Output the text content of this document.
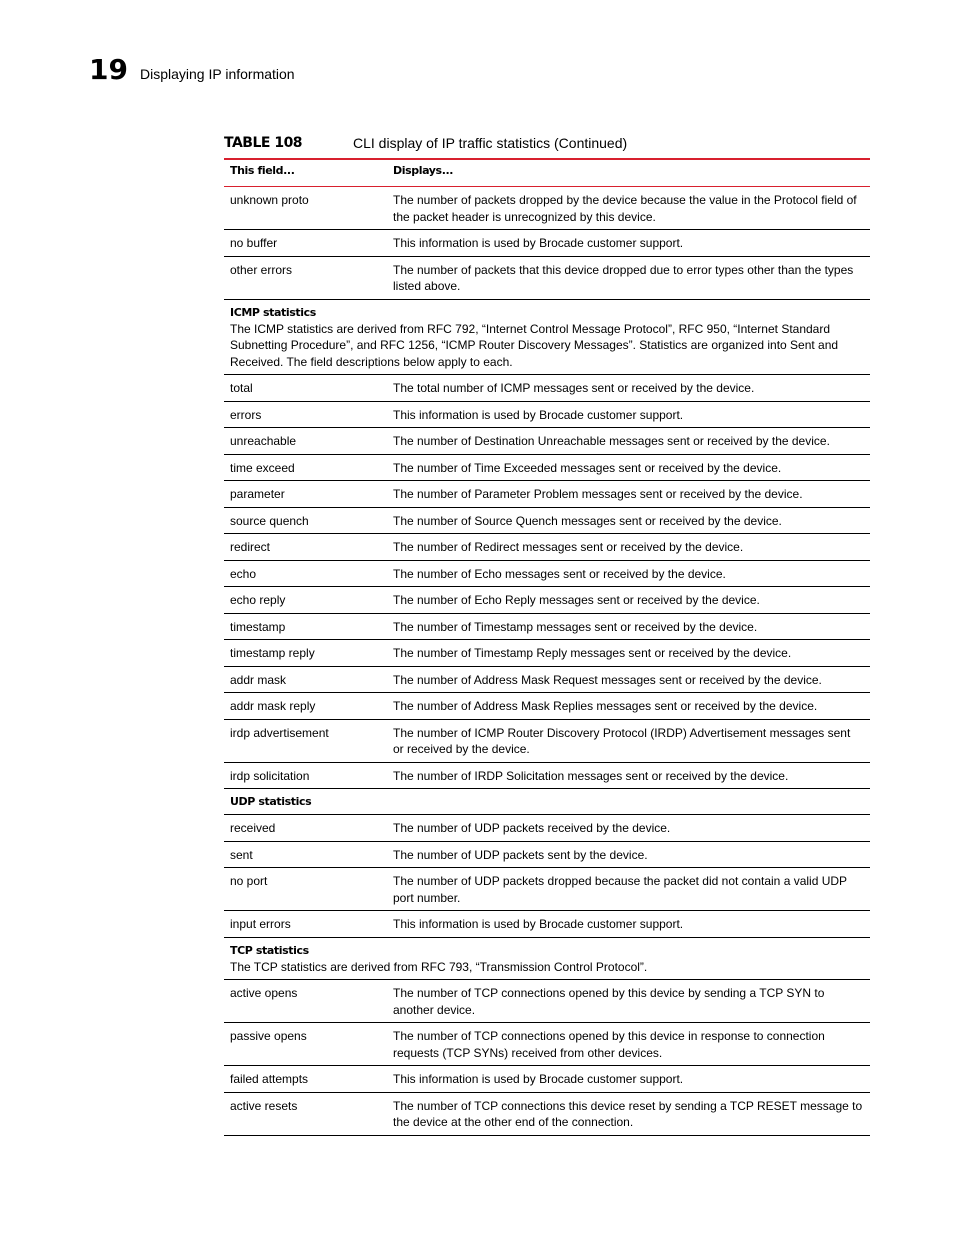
19 Displaying IP information
TABLE 108	CLI display of IP traffic statistics (Continued)
This field...	Displays...
unknown proto	The number of packets dropped by the device because the value in the Protocol field of the packet header is unrecognized by this device.
no buffer	This information is used by Brocade customer support.
other errors	The number of packets that this device dropped due to error types other than the types listed above.

ICMP statistics
The ICMP statistics are derived from RFC 792, “Internet Control Message Protocol”, RFC 950, “Internet Standard Subnetting Procedure”, and RFC 1256, “ICMP Router Discovery Messages”. Statistics are organized into Sent and Received. The field descriptions below apply to each.	

total	The total number of ICMP messages sent or received by the device.
errors	This information is used by Brocade customer support.
unreachable	The number of Destination Unreachable messages sent or received by the device.
time exceed	The number of Time Exceeded messages sent or received by the device.
parameter	The number of Parameter Problem messages sent or received by the device.
source quench	The number of Source Quench messages sent or received by the device.
redirect	The number of Redirect messages sent or received by the device.
echo	The number of Echo messages sent or received by the device.
echo reply	The number of Echo Reply messages sent or received by the device.
timestamp	The number of Timestamp messages sent or received by the device.
timestamp reply	The number of Timestamp Reply messages sent or received by the device.
addr mask	The number of Address Mask Request messages sent or received by the device.
addr mask reply	The number of Address Mask Replies messages sent or received by the device.
irdp advertisement	The number of ICMP Router Discovery Protocol (IRDP) Advertisement messages sent or received by the device.
irdp solicitation	The number of IRDP Solicitation messages sent or received by the device.

UDP statistics	

received	The number of UDP packets received by the device.
sent	The number of UDP packets sent by the device.
no port	The number of UDP packets dropped because the packet did not contain a valid UDP port number.
input errors	This information is used by Brocade customer support.

TCP statistics
The TCP statistics are derived from RFC 793, “Transmission Control Protocol”.	

active opens	The number of TCP connections opened by this device by sending a TCP SYN to another device.
passive opens	The number of TCP connections opened by this device in response to connection requests (TCP SYNs) received from other devices.
failed attempts	This information is used by Brocade customer support.
active resets	The number of TCP connections this device reset by sending a TCP RESET message to the device at the other end of the connection.
